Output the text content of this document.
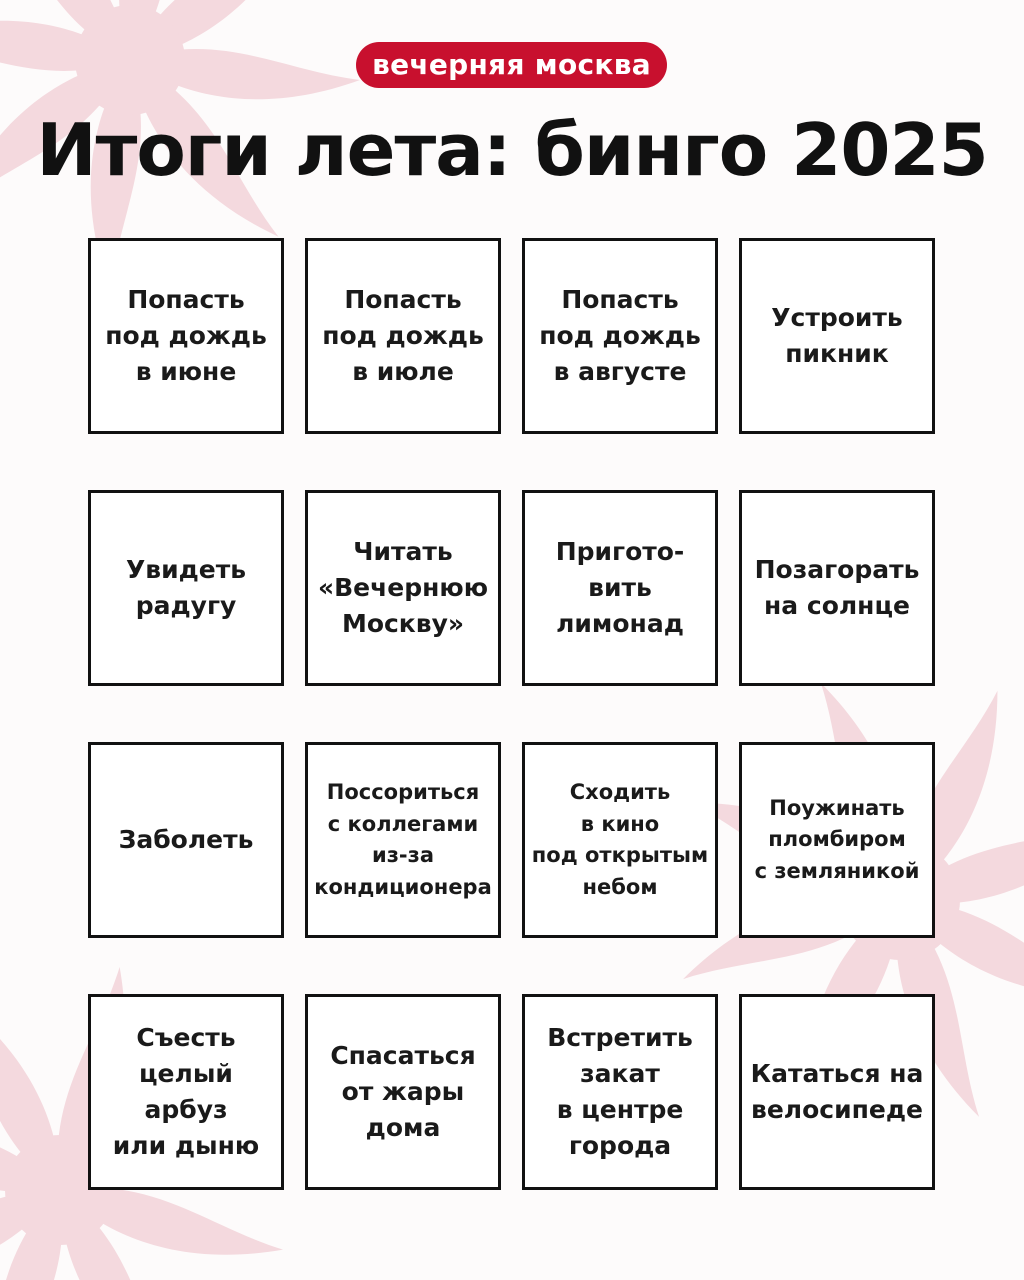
вечерняя москва
Итоги лета: бинго 2025
Попасть
под дождь
в июне
Попасть
под дождь
в июле
Попасть
под дождь
в августе
Устроить
пикник
Увидеть
радугу
Читать
«Вечернюю
Москву»
Пригото-
вить
лимонад
Позагорать
на солнце
Заболеть
Поссориться
с коллегами
из-за
кондиционера
Сходить
в кино
под открытым
небом
Поужинать
пломбиром
с земляникой
Съесть
целый арбуз
или дыню
Спасаться
от жары
дома
Встретить
закат
в центре
города
Кататься на
велосипеде
